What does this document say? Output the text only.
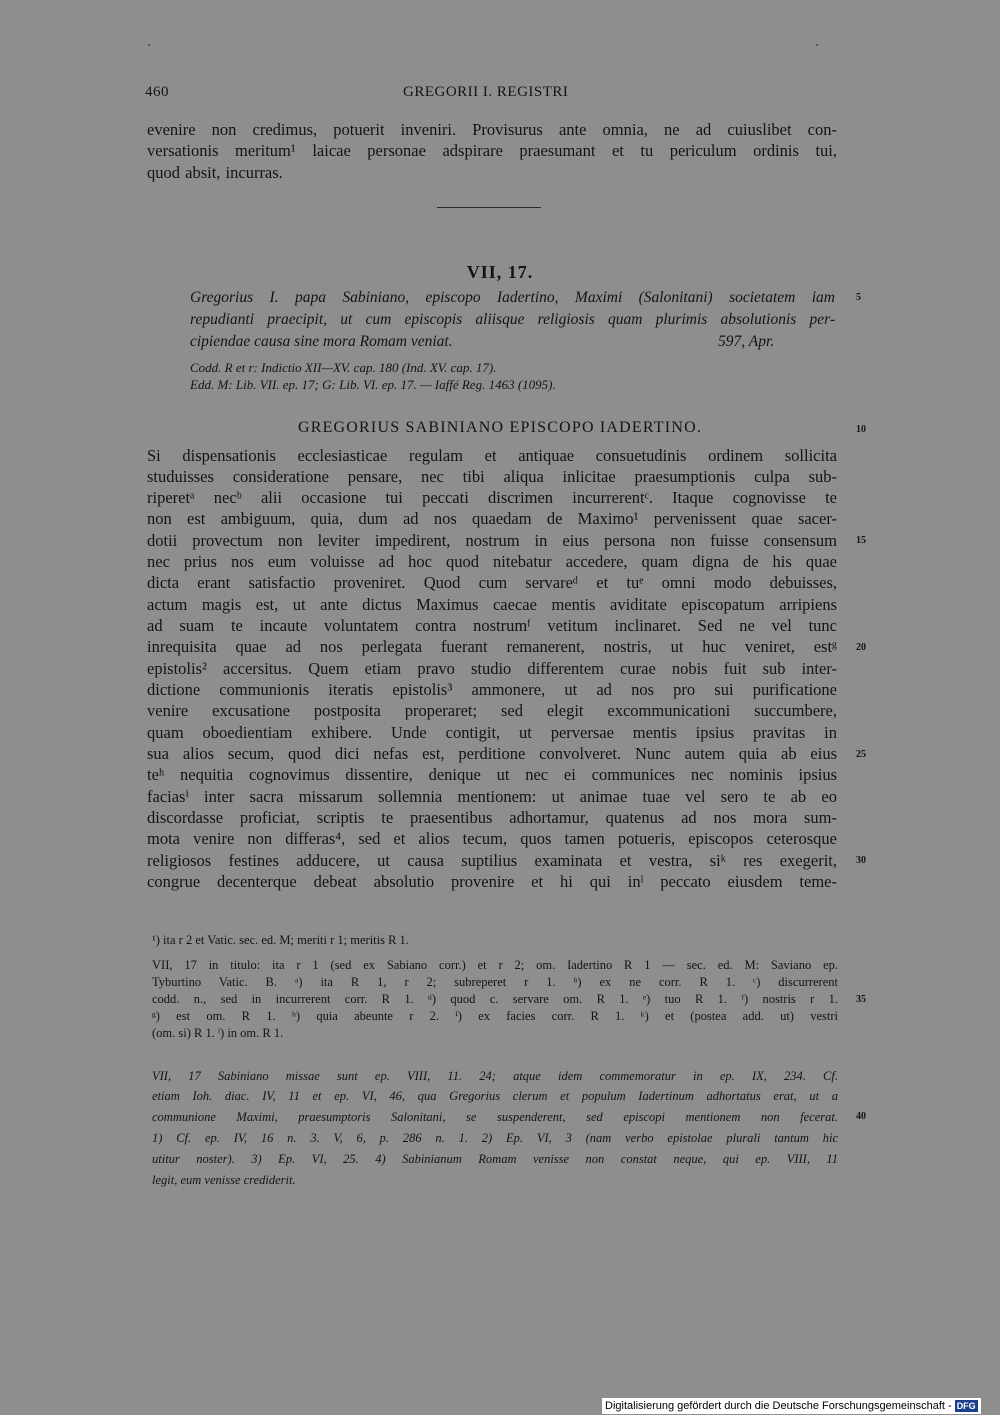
460	GREGORII I. REGISTRI
evenire non credimus, potuerit inveniri. Provisurus ante omnia, ne ad cuiuslibet con-
versationis meritum¹ laicae personae adspirare praesumant et tu periculum ordinis tui,
quod absit, incurras.
VII, 17.
Gregorius I. papa Sabiniano, episcopo Iadertino, Maximi (Salonitani) societatem iam
repudianti praecipit, ut cum episcopis aliisque religiosis quam plurimis absolutionis per-
cipiendae causa sine mora Romam veniat.	597, Apr.
Codd. R et r: Indictio XII—XV. cap. 180 (Ind. XV. cap. 17).
Edd. M: Lib. VII. ep. 17; G: Lib. VI. ep. 17. — Iaffé Reg. 1463 (1095).
GREGORIUS SABINIANO EPISCOPO IADERTINO.
Si dispensationis ecclesiasticae regulam et antiquae consuetudinis ordinem sollicita
studuisses consideratione pensare, nec tibi aliqua inlicitae praesumptionis culpa sub-
riperetᵃ necᵇ alii occasione tui peccati discrimen incurrerentᶜ. Itaque cognovisse te
non est ambiguum, quia, dum ad nos quaedam de Maximo¹ pervenissent quae sacer-
dotii provectum non leviter impedirent, nostrum in eius persona non fuisse consensum
nec prius nos eum voluisse ad hoc quod nitebatur accedere, quam digna de his quae
dicta erant satisfactio proveniret. Quod cum servareᵈ et tuᵉ omni modo debuisses,
actum magis est, ut ante dictus Maximus caecae mentis aviditate episcopatum arripiens
ad suam te incaute voluntatem contra nostrumᶠ vetitum inclinaret. Sed ne vel tunc
inrequisita quae ad nos perlegata fuerant remanerent, nostris, ut huc veniret, estᵍ
epistolis² accersitus. Quem etiam pravo studio differentem curae nobis fuit sub inter-
dictione communionis iteratis epistolis³ ammonere, ut ad nos pro sui purificatione
venire excusatione postposita properaret; sed elegit excommunicationi succumbere,
quam oboedientiam exhibere. Unde contigit, ut perversae mentis ipsius pravitas in
sua alios secum, quod dici nefas est, perditione convolveret. Nunc autem quia ab eius
teʰ nequitia cognovimus dissentire, denique ut nec ei communices nec nominis ipsius
faciasⁱ inter sacra missarum sollemnia mentionem: ut animae tuae vel sero te ab eo
discordasse proficiat, scriptis te praesentibus adhortamur, quatenus ad nos mora sum-
mota venire non differas⁴, sed et alios tecum, quos tamen potueris, episcopos ceterosque
religiosos festines adducere, ut causa suptilius examinata et vestra, siᵏ res exegerit,
congrue decenterque debeat absolutio provenire et hi qui inˡ peccato eiusdem teme-
5
10
15
20
25
30
35
40
¹) ita r 2 et Vatic. sec. ed. M; meriti r 1; meritis R 1.
VII, 17 in titulo: ita r 1 (sed ex Sabiano corr.) et r 2; om. Iadertino R 1 — sec. ed. M: Saviano ep.
Tyburtino Vatic. B. ᵃ) ita R 1, r 2; subreperet r 1. ᵇ) ex ne corr. R 1. ᶜ) discurrerent
codd. n., sed in incurrerent corr. R 1. ᵈ) quod c. servare om. R 1. ᵉ) tuo R 1. ᶠ) nostris r 1.
ᵍ) est om. R 1. ʰ) quia abeunte r 2. ⁱ) ex facies corr. R 1. ᵏ) et (postea add. ut) vestri
(om. si) R 1. ˡ) in om. R 1.
VII, 17 Sabiniano missae sunt ep. VIII, 11. 24; atque idem commemoratur in ep. IX, 234. Cf.
etiam Ioh. diac. IV, 11 et ep. VI, 46, qua Gregorius clerum et populum Iadertinum adhortatus erat, ut a
communione Maximi, praesumptoris Salonitani, se suspenderent, sed episcopi mentionem non fecerat.
1) Cf. ep. IV, 16 n. 3. V, 6, p. 286 n. 1. 2) Ep. VI, 3 (nam verbo epistolae plurali tantum hic
utitur noster). 3) Ep. VI, 25. 4) Sabinianum Romam venisse non constat neque, qui ep. VIII, 11
legit, eum venisse crediderit.
Digitalisierung gefördert durch die Deutsche Forschungsgemeinschaft - DFG
